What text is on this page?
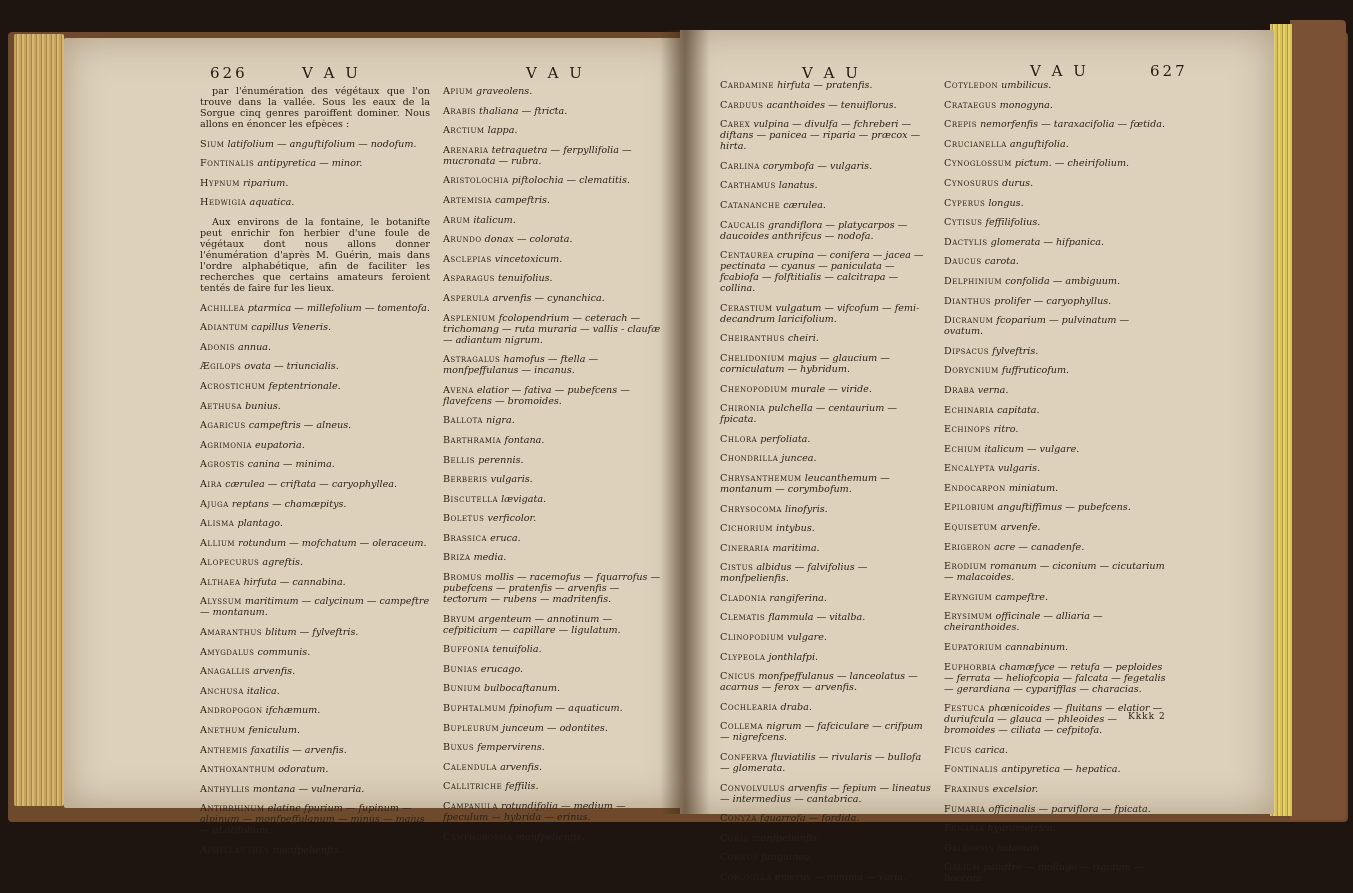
626	V A U	V A U
par l'énumération des végétaux que l'on trouve dans la vallée. Sous les eaux de la Sorgue cinq genres paroiffent dominer. Nous allons en énoncer les efpèces :
Sium latifolium — anguftifolium — nodofum.
Fontinalis antipyretica — minor.
Hypnum riparium.
Hedwigia aquatica.
Aux environs de la fontaine, le botanifte peut enrichir fon herbier d'une foule de végétaux dont nous allons donner l'énumération d'après M. Guérin, mais dans l'ordre alphabétique, afin de faciliter les recherches que certains amateurs feroient tentés de faire fur les lieux.
Achillea ptarmica — millefolium — tomentofa.
Adiantum capillus Veneris.
Adonis annua.
Ægilops ovata — triuncialis.
Acrostichum feptentrionale.
Aethusa bunius.
Agaricus campeftris — alneus.
Agrimonia eupatoria.
Agrostis canina — minima.
Aira cærulea — criftata — caryophyllea.
Ajuga reptans — chamæpitys.
Alisma plantago.
Allium rotundum — mofchatum — oleraceum.
Alopecurus agreftis.
Althaea hirfuta — cannabina.
Alyssum maritimum — calycinum — campeftre — montanum.
Amaranthus blitum — fylveftris.
Amygdalus communis.
Anagallis arvenfis.
Anchusa italica.
Andropogon ifchæmum.
Anethum feniculum.
Anthemis faxatilis — arvenfis.
Anthoxanthum odoratum.
Anthyllis montana — vulneraria.
Antirrhinum elatine fpurium — fupinum — alpinum — monfpeffulanum — minus — majus — oLatifolium.
Aphyllanthes monfpelienfis.
Apium graveolens.
Arabis thaliana — ftriƈta.
Arctium lappa.
Arenaria tetraquetra — ferpyllifolia — mucronata — rubra.
Aristolochia piftolochia — clematitis.
Artemisia campeftris.
Arum italicum.
Arundo donax — colorata.
Asclepias vincetoxicum.
Asparagus tenuifolius.
Asperula arvenfis — cynanchica.
Asplenium fcolopendrium — ceterach — trichomang — ruta muraria — vallis - claufæ — adiantum nigrum.
Astragalus hamofus — ftella — monfpeffulanus — incanus.
Avena elatior — fativa — pubefcens — flavefcens — bromoides.
Ballota nigra.
Barthramia fontana.
Bellis perennis.
Berberis vulgaris.
Biscutella lævigata.
Boletus verficolor.
Brassica eruca.
Briza media.
Bromus mollis — racemofus — fquarrofus — pubefcens — pratenfis — arvenfis — teƈtorum — rubens — madritenfis.
Bryum argenteum — annotinum — cefpiticium — capillare — ligulatum.
Buffonia tenuifolia.
Bunias erucago.
Bunium bulbocaftanum.
Buphtalmum fpinofum — aquaticum.
Bupleurum junceum — odontites.
Buxus fempervirens.
Calendula arvenfis.
Callitriche feffilis.
Campanula rotundifolia — medium — fpeculum — hybrida — erinus.
Camphorosma monfpelienfis.
V A U	V A U	627
Cardamine hirfuta — pratenfis.
Carduus acanthoides — tenuiflorus.
Carex vulpina — divulfa — fchreberi — diftans — panicea — riparia — præcox — hirta.
Carlina corymbofa — vulgaris.
Carthamus lanatus.
Catananche cærulea.
Caucalis grandiflora — platycarpos — daucoides anthrifcus — nodofa.
Centaurea crupina — conifera — jacea — pectinata — cyanus — paniculata — fcabiofa — folftitialis — calcitrapa — collina.
Cerastium vulgatum — vifcofum — femi-decandrum laricifolium.
Cheiranthus cheiri.
Chelidonium majus — glaucium — corniculatum — hybridum.
Chenopodium murale — viride.
Chironia pulchella — centaurium — fpicata.
Chlora perfoliata.
Chondrilla juncea.
Chrysanthemum leucanthemum — montanum — corymbofum.
Chrysocoma linofyris.
Cichorium intybus.
Cineraria maritima.
Cistus albidus — falvifolius — monfpelienfis.
Cladonia rangiferina.
Clematis flammula — vitalba.
Clinopodium vulgare.
Clypeola jonthlafpi.
Cnicus monfpeffulanus — lanceolatus — acarnus — ferox — arvenfis.
Cochlearia draba.
Collema nigrum — fafciculare — crifpum — nigrefcens.
Conferva fluviatilis — rivularis — bullofa — glomerata.
Convolvulus arvenfis — fepium — lineatus — intermedius — cantabrica.
Conyza fquarrofa — fordida.
Coris monfpelienfis.
Cornus fanguinea.
Coronilla emerus — minima — varia.
Cotyledon umbilicus.
Crataegus monogyna.
Crepis nemorfenfis — taraxacifolia — fœtida.
Crucianella anguftifolia.
Cynoglossum piƈtum. — cheirifolium.
Cynosurus durus.
Cyperus longus.
Cytisus feffilifolius.
Dactylis glomerata — hifpanica.
Daucus carota.
Delphinium confolida — ambiguum.
Dianthus prolifer — caryophyllus.
Dicranum fcoparium — pulvinatum — ovatum.
Dipsacus fylveftris.
Dorycnium fuffruticofum.
Draba verna.
Echinaria capitata.
Echinops ritro.
Echium italicum — vulgare.
Encalypta vulgaris.
Endocarpon miniatum.
Epilobium anguftiffimus — pubefcens.
Equisetum arvenfe.
Erigeron acre — canadenfe.
Erodium romanum — ciconium — cicutarium — malacoides.
Eryngium campeftre.
Erysimum officinale — alliaria — cheiranthoides.
Eupatorium cannabinum.
Euphorbia chamæfyce — retufa — peploides — ferrata — heliofcopia — falcata — fegetalis — gerardiana — cyparifflas — characias.
Festuca phœnicoides — fluitans — elatior — duriufcula — glauca — phleoides — bromoides — ciliata — cefpitofa.
Ficus carica.
Fontinalis antipyretica — hepatica.
Fraxinus excelsior.
Fumaria officinalis — parviflora — fpicata.
Funaria hygrometrica.
Galeopsis ladanum.
Galium paluftre — mollugo — rigidum — bocconi
Kkkk 2
